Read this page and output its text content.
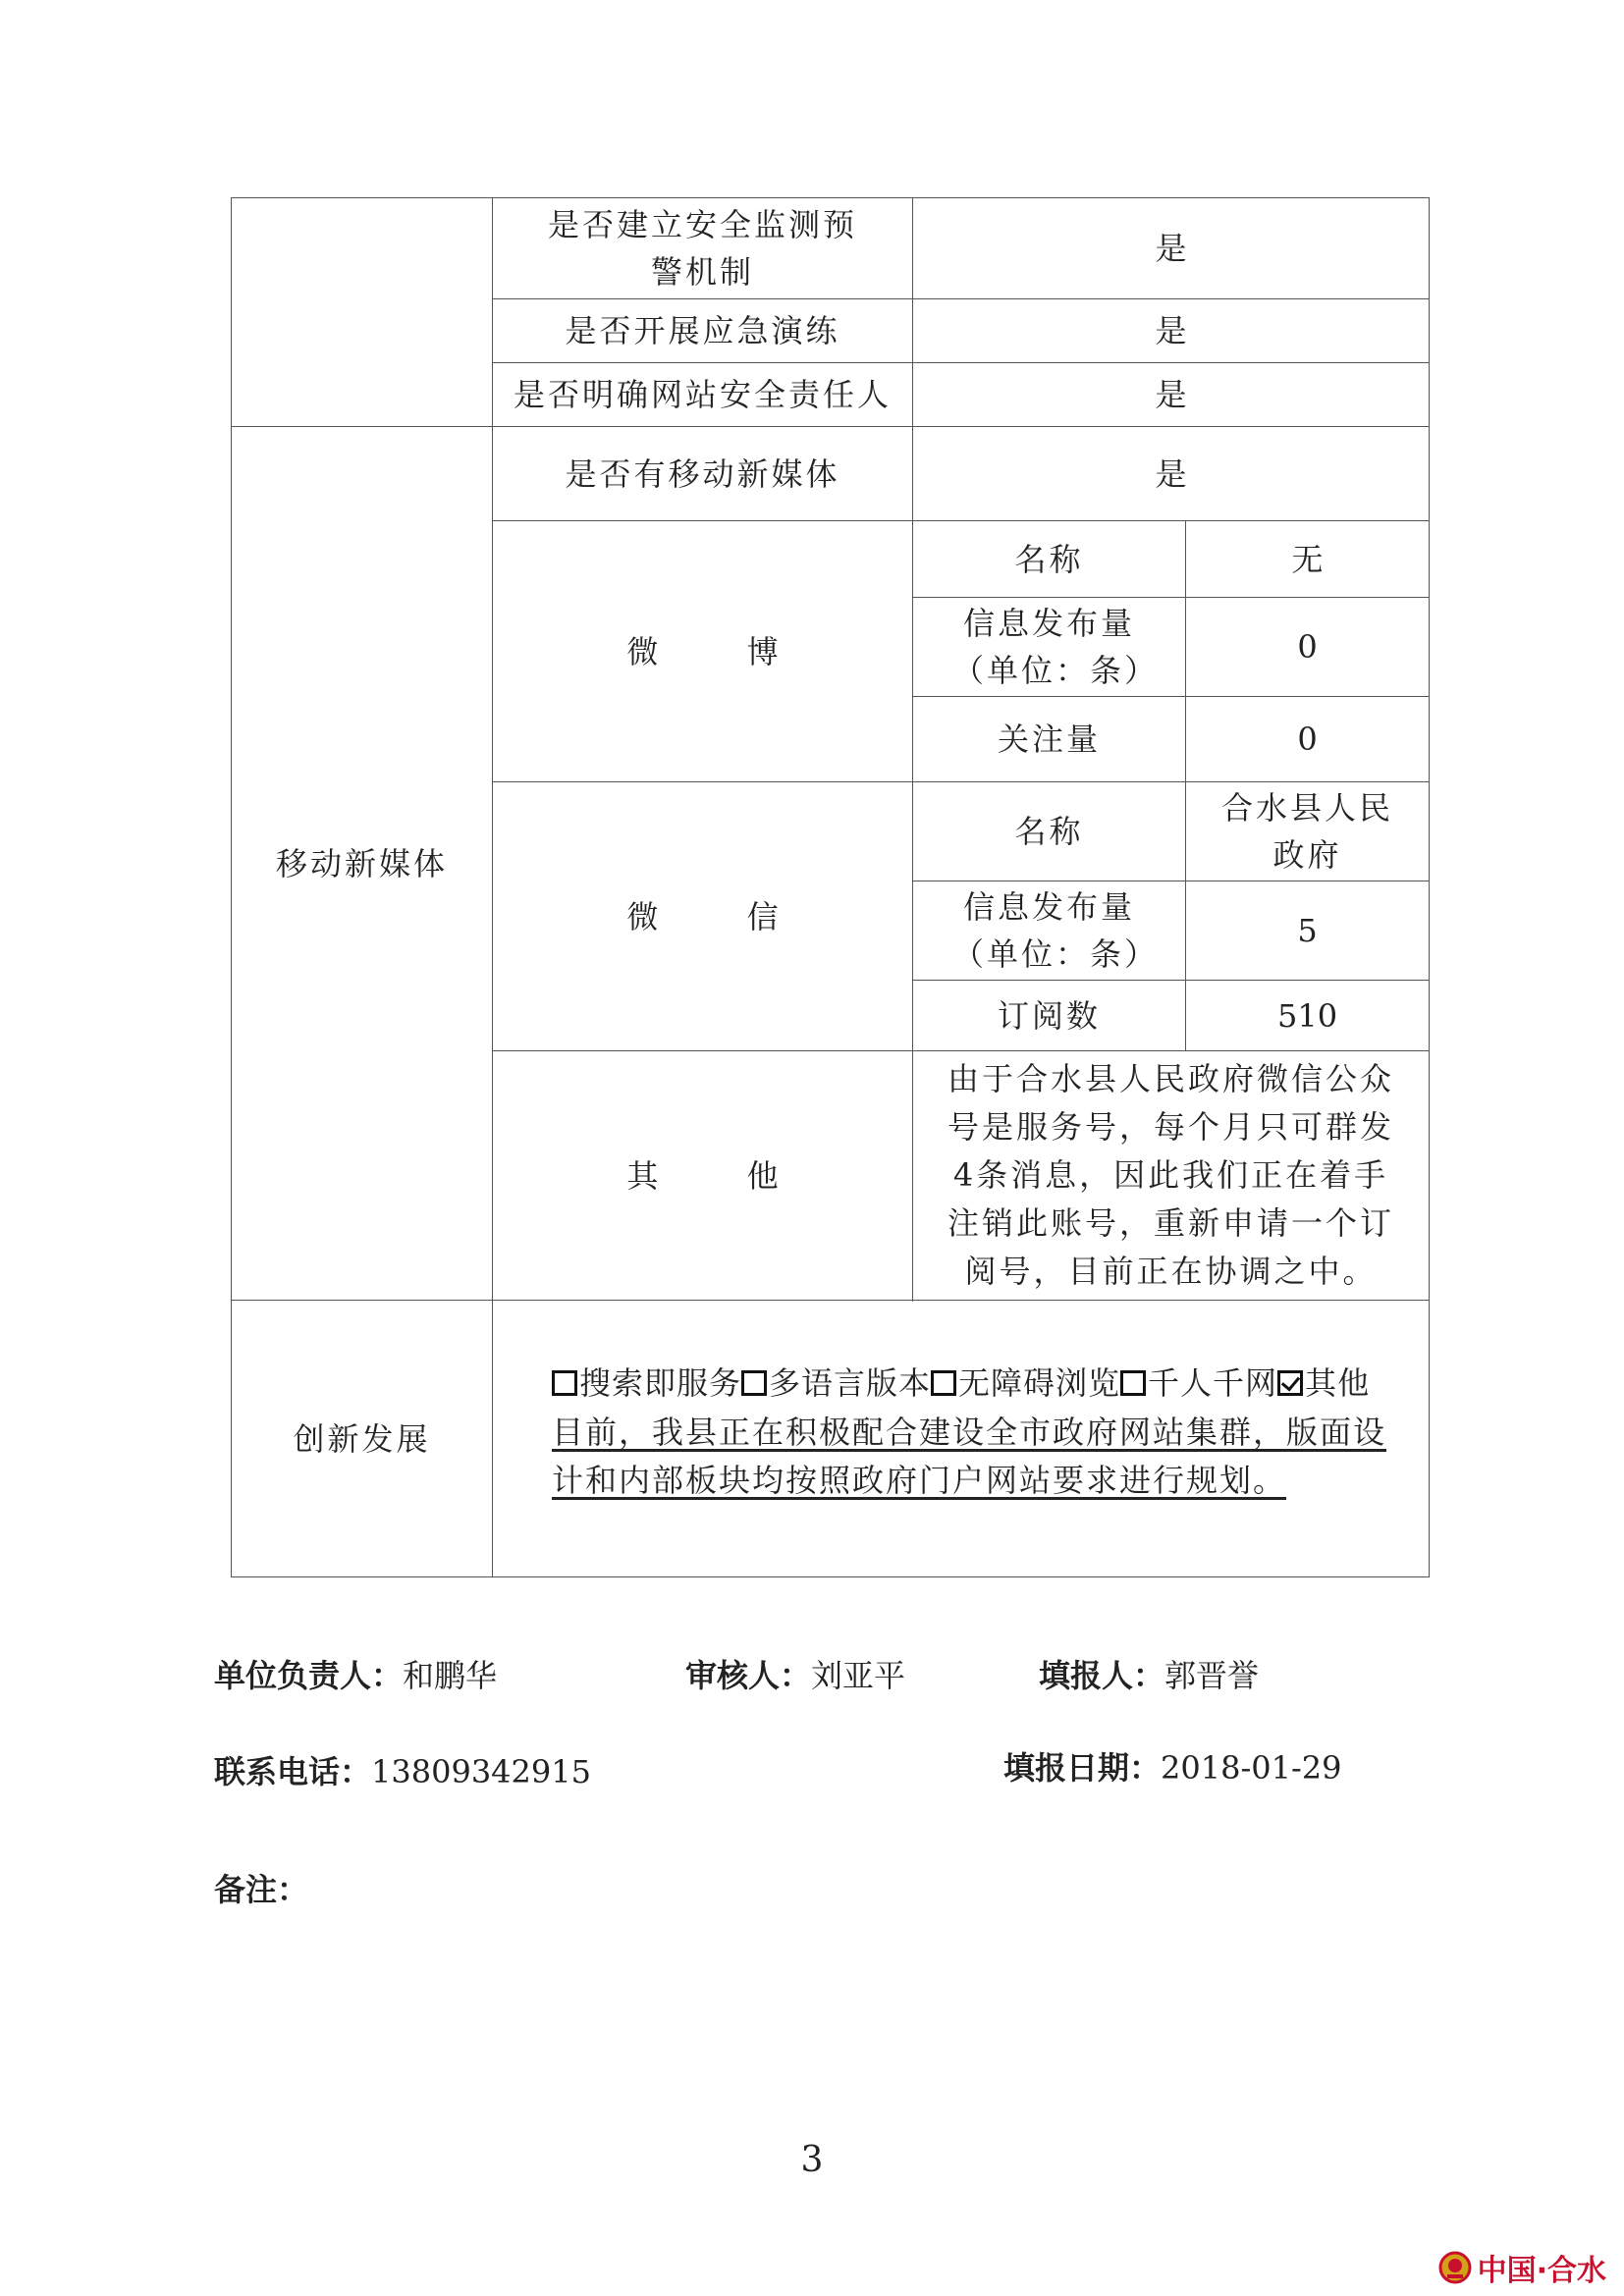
	是否建立安全监测预警机制	是	
	是否开展应急演练	是	
	是否明确网站安全责任人	是	
移动新媒体	是否有移动新媒体	是	
	微 博	名称	无
		信息发布量（单位：条）	0
		关注量	0
	微 信	名称	合水县人民政府
		信息发布量（单位：条）	5
		订阅数	510
	其 他	由于合水县人民政府微信公众号是服务号，每个月只可群发4条消息，因此我们正在着手注销此账号，重新申请一个订阅号，目前正在协调之中。	

创新发展	搜索即服务 多语言版本 无障碍浏览 千人千网 其他
目前，我县正在积极配合建设全市政府网站集群，版面设计和内部板块均按照政府门户网站要求进行规划。		
单位负责人：和鹏华	审核人：刘亚平	填报人：郭晋誉
联系电话：13809342915	填报日期：2018-01-29
备注：
3
中国·合水
